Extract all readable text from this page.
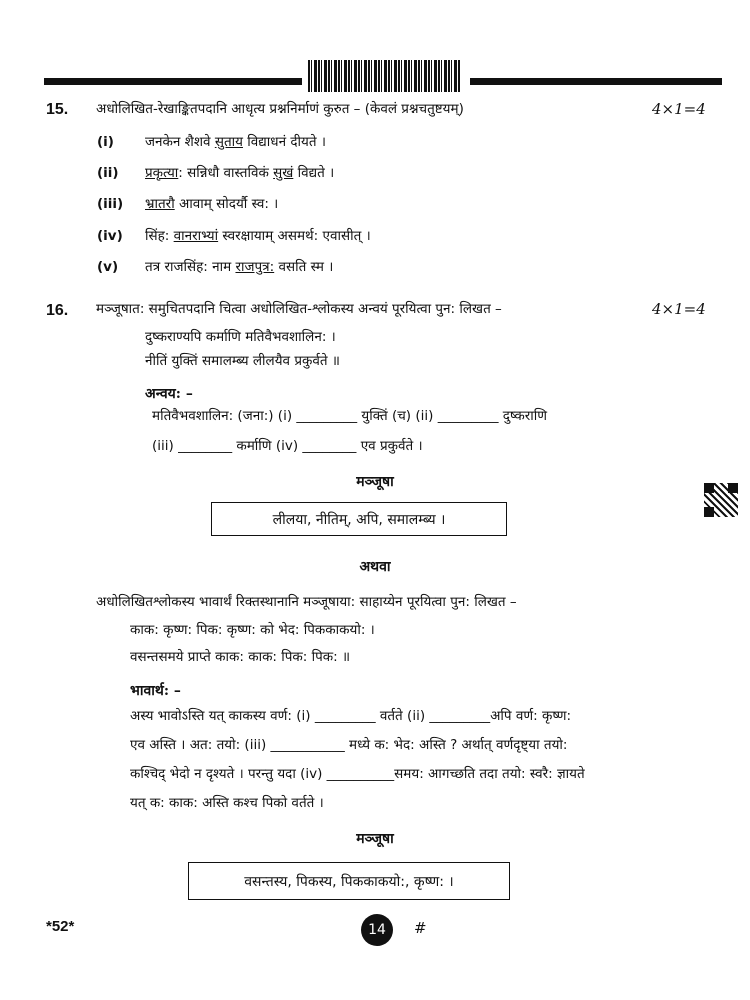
15. अधोलिखित-रेखाङ्कितपदानि आधृत्य प्रश्ननिर्माणं कुरुत – (केवलं प्रश्नचतुष्टयम्)	4×1=4
(i) जनकेन शैशवे सुताय विद्याधनं दीयते ।
(ii) प्रकृत्या: सन्निधौ वास्तविकं सुखं विद्यते ।
(iii) भ्रातरौ आवाम् सोदर्यौ स्व: ।
(iv) सिंह: वानराभ्यां स्वरक्षायाम् असमर्थ: एवासीत् ।
(v) तत्र राजसिंह: नाम राजपुत्र: वसति स्म ।
16. मञ्जूषात: समुचितपदानि चित्वा अधोलिखित-श्लोकस्य अन्वयं पूरयित्वा पुन: लिखत –	4×1=4
दुष्कराण्यपि कर्माणि मतिवैभवशालिन: ।
नीतिं युक्तिं समालम्ब्य लीलयैव प्रकुर्वते ॥
अन्वय: –
मतिवैभवशालिन: (जना:) (i) _________ युक्तिं (च) (ii) _________ दुष्कराणि
(iii) ________ कर्माणि (iv) ________ एव प्रकुर्वते ।
मञ्जूषा
लीलया, नीतिम्, अपि, समालम्ब्य ।
अथवा
अधोलिखितश्लोकस्य भावार्थं रिक्तस्थानानि मञ्जूषाया: साहाय्येन पूरयित्वा पुन: लिखत –
काक: कृष्ण: पिक: कृष्ण: को भेद: पिककाकयो: ।
वसन्तसमये प्राप्ते काक: काक: पिक: पिक: ॥
भावार्थ: –
अस्य भावोऽस्ति यत् काकस्य वर्ण: (i) _________ वर्तते (ii) _________अपि वर्ण: कृष्ण:
एव अस्ति । अत: तयो: (iii) ___________ मध्ये क: भेद: अस्ति ? अर्थात् वर्णदृष्ट्या तयो:
कश्चिद् भेदो न दृश्यते । परन्तु यदा (iv) __________समय: आगच्छति तदा तयो: स्वरै: ज्ञायते
यत् क: काक: अस्ति कश्च पिको वर्तते ।
मञ्जूषा
वसन्तस्य, पिकस्य, पिककाकयो:, कृष्ण: ।
*52*	14	#
